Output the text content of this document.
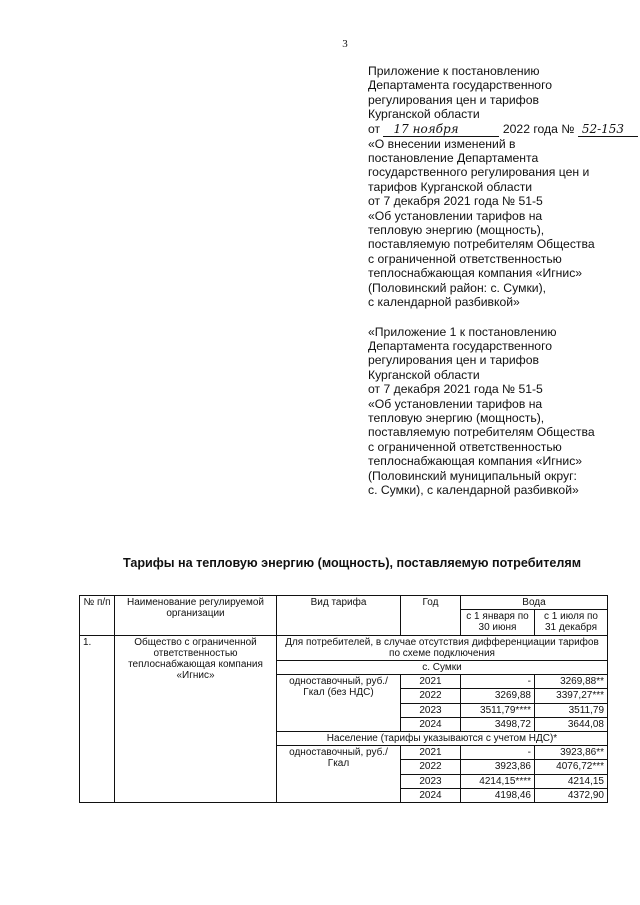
3
Приложение к постановлению
Департамента государственного
регулирования цен и тарифов
Курганской области
от 17 ноября	2022 года № 52-153
«О внесении изменений в
постановление Департамента
государственного регулирования цен и
тарифов Курганской области
от 7 декабря 2021 года № 51-5
«Об установлении тарифов на
тепловую энергию (мощность),
поставляемую потребителям Общества
с ограниченной ответственностью
теплоснабжающая компания «Игнис»
(Половинский район: с. Сумки),
с календарной разбивкой»
«Приложение 1 к постановлению
Департамента государственного
регулирования цен и тарифов
Курганской области
от 7 декабря 2021 года № 51-5
«Об установлении тарифов на
тепловую энергию (мощность),
поставляемую потребителям Общества
с ограниченной ответственностью
теплоснабжающая компания «Игнис»
(Половинский муниципальный округ:
с. Сумки), с календарной разбивкой»
Тарифы на тепловую энергию (мощность), поставляемую потребителям
№ п/п	Наименование регулируемой организации	Вид тарифа	Год	Вода	
				с 1 января по 30 июня	с 1 июля по 31 декабря
1.	Общество с ограниченной ответственностью теплоснабжающая компания «Игнис»	Для потребителей, в случае отсутствия дифференциации тарифов по схеме подключения			
		с. Сумки			
		одноставочный, руб./Гкал (без НДС)	2021	-	3269,88**
			2022	3269,88	3397,27***
			2023	3511,79****	3511,79
			2024	3498,72	3644,08
		Население (тарифы указываются с учетом НДС)*			
		одноставочный, руб./Гкал	2021	-	3923,86**
			2022	3923,86	4076,72***
			2023	4214,15****	4214,15
			2024	4198,46	4372,90
